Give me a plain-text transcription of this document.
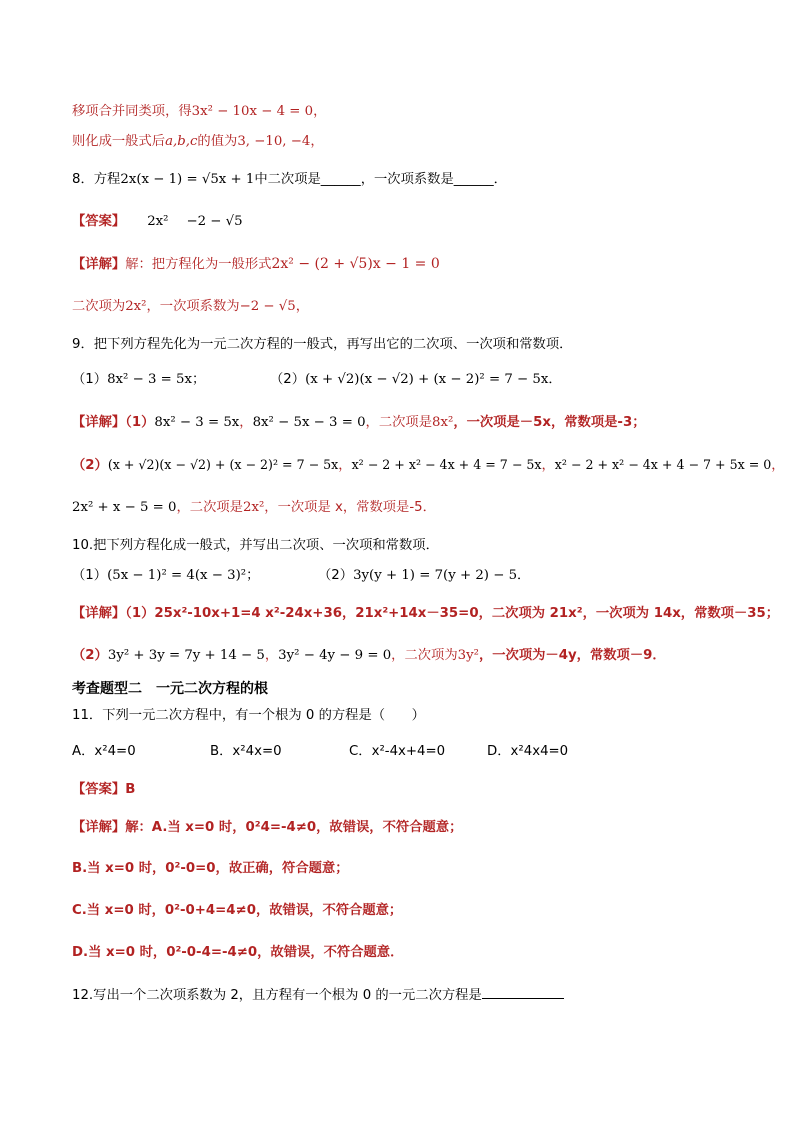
移项合并同类项，得3x² − 10x − 4 = 0，
则化成一般式后a,b,c的值为3, −10, −4，
8．方程2x(x − 1) = √5x + 1中二次项是______，一次项系数是______．
【答案】 2x² −2 − √5
【详解】解：把方程化为一般形式2x² − (2 + √5)x − 1 = 0
二次项为2x²，一次项系数为−2 − √5，
9．把下列方程先化为一元二次方程的一般式，再写出它的二次项、一次项和常数项．
（1）8x² − 3 = 5x；	（2）(x + √2)(x − √2) + (x − 2)² = 7 − 5x．
【详解】（1）8x² − 3 = 5x，8x² − 5x − 3 = 0，二次项是8x²，一次项是－5x，常数项是-3；
（2）(x + √2)(x − √2) + (x − 2)² = 7 − 5x，x² − 2 + x² − 4x + 4 = 7 − 5x，x² − 2 + x² − 4x + 4 − 7 + 5x = 0，
2x² + x − 5 = 0，二次项是2x²，一次项是 x，常数项是-5．
10.把下列方程化成一般式，并写出二次项、一次项和常数项．
（1）(5x − 1)² = 4(x − 3)²；	（2）3y(y + 1) = 7(y + 2) − 5．
【详解】（1）25x²-10x+1=4 x²-24x+36，21x²+14x－35=0，二次项为 21x²，一次项为 14x，常数项－35；
（2）3y² + 3y = 7y + 14 − 5，3y² − 4y − 9 = 0，二次项为3y²，一次项为－4y，常数项－9．
考查题型二　一元二次方程的根
11．下列一元二次方程中，有一个根为 0 的方程是（　　）
A．x²4=0	B．x²4x=0	C．x²-4x+4=0	D．x²4x4=0
【答案】B
【详解】解：A.当 x=0 时，0²4=-4≠0，故错误，不符合题意；
B.当 x=0 时，0²-0=0，故正确，符合题意；
C.当 x=0 时，0²-0+4=4≠0，故错误，不符合题意；
D.当 x=0 时，0²-0-4=-4≠0，故错误，不符合题意．
12.写出一个二次项系数为 2，且方程有一个根为 0 的一元二次方程是
